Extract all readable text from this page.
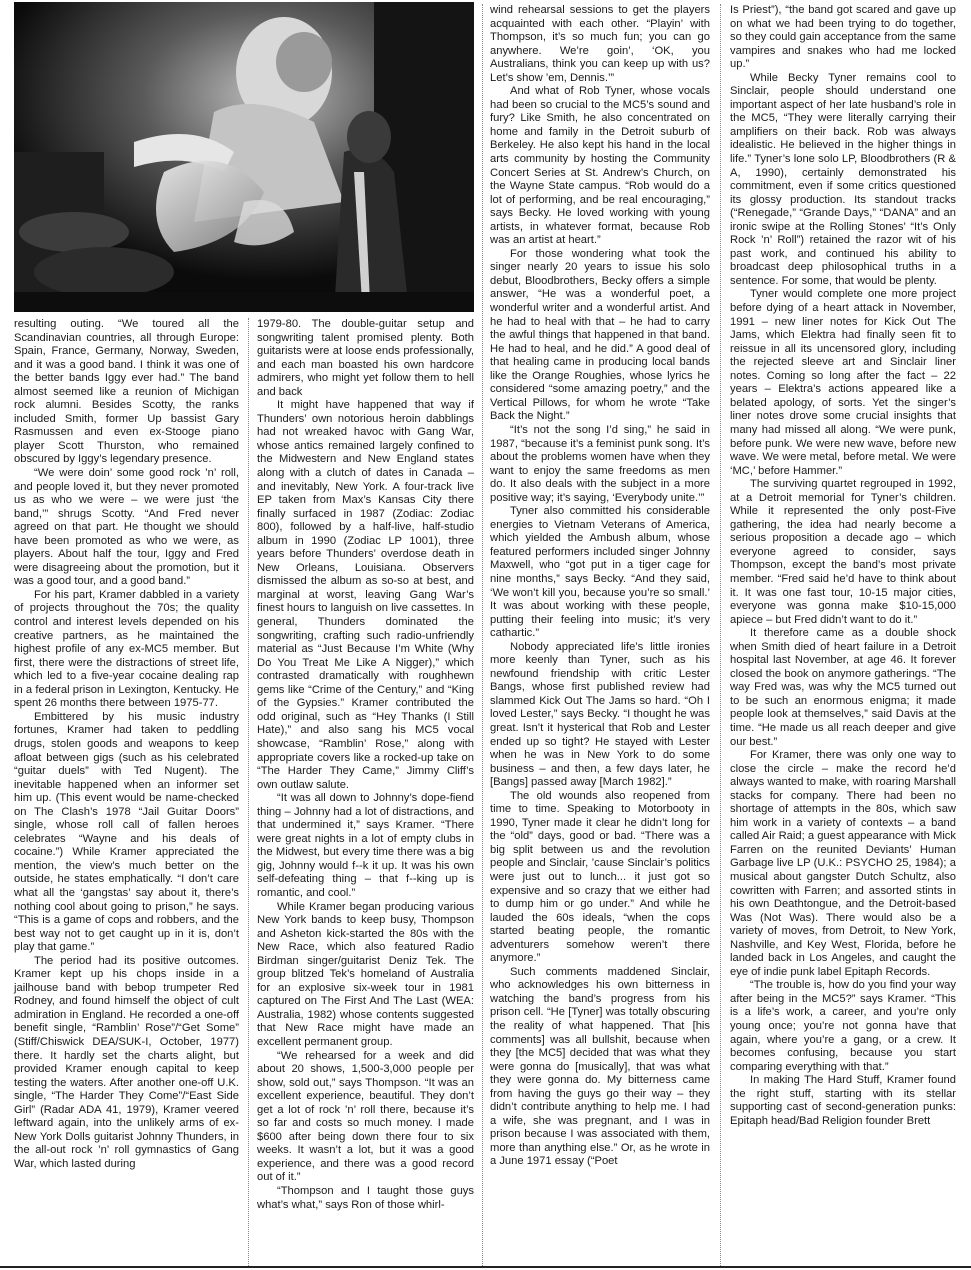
resulting outing. “We toured all the Scandinavian countries, all through Europe: Spain, France, Germany, Norway, Sweden, and it was a good band. I think it was one of the better bands Iggy ever had.” The band almost seemed like a reunion of Michigan rock alumni. Besides Scotty, the ranks included Smith, former Up bassist Gary Rasmussen and even ex-Stooge piano player Scott Thurston, who remained obscured by Iggy’s legendary presence.

“We were doin’ some good rock ’n’ roll, and people loved it, but they never promoted us as who we were – we were just ‘the band,’” shrugs Scotty. “And Fred never agreed on that part. He thought we should have been promoted as who we were, as players. About half the tour, Iggy and Fred were disagreeing about the promotion, but it was a good tour, and a good band.”

For his part, Kramer dabbled in a variety of projects throughout the 70s; the quality control and interest levels depended on his creative partners, as he maintained the highest profile of any ex-MC5 member. But first, there were the distractions of street life, which led to a five-year cocaine dealing rap in a federal prison in Lexington, Kentucky. He spent 26 months there between 1975-77.

Embittered by his music industry fortunes, Kramer had taken to peddling drugs, stolen goods and weapons to keep afloat between gigs (such as his celebrated “guitar duels” with Ted Nugent). The inevitable happened when an informer set him up. (This event would be name-checked on The Clash’s 1978 “Jail Guitar Doors” single, whose roll call of fallen heroes celebrates “Wayne and his deals of cocaine.”) While Kramer appreciated the mention, the view’s much better on the outside, he states emphatically. “I don’t care what all the ‘gangstas’ say about it, there’s nothing cool about going to prison,” he says. “This is a game of cops and robbers, and the best way not to get caught up in it is, don’t play that game.”

The period had its positive outcomes. Kramer kept up his chops inside in a jailhouse band with bebop trumpeter Red Rodney, and found himself the object of cult admiration in England. He recorded a one-off benefit single, “Ramblin’ Rose”/“Get Some” (Stiff/Chiswick DEA/SUK-I, October, 1977) there. It hardly set the charts alight, but provided Kramer enough capital to keep testing the waters. After another one-off U.K. single, “The Harder They Come”/“East Side Girl” (Radar ADA 41, 1979), Kramer veered leftward again, into the unlikely arms of ex-New York Dolls guitarist Johnny Thunders, in the all-out rock ’n’ roll gymnastics of Gang War, which lasted during

1979-80. The double-guitar setup and songwriting talent promised plenty. Both guitarists were at loose ends professionally, and each man boasted his own hardcore admirers, who might yet follow them to hell and back

It might have happened that way if Thunders’ own notorious heroin dabblings had not wreaked havoc with Gang War, whose antics remained largely confined to the Midwestern and New England states along with a clutch of dates in Canada – and inevitably, New York. A four-track live EP taken from Max’s Kansas City there finally surfaced in 1987 (Zodiac: Zodiac 800), followed by a half-live, half-studio album in 1990 (Zodiac LP 1001), three years before Thunders’ overdose death in New Orleans, Louisiana. Observers dismissed the album as so-so at best, and marginal at worst, leaving Gang War’s finest hours to languish on live cassettes. In general, Thunders dominated the songwriting, crafting such radio-unfriendly material as “Just Because I’m White (Why Do You Treat Me Like A Nigger),” which contrasted dramatically with roughhewn gems like “Crime of the Century,” and “King of the Gypsies.” Kramer contributed the odd original, such as “Hey Thanks (I Still Hate),” and also sang his MC5 vocal showcase, “Ramblin’ Rose,” along with appropriate covers like a rocked-up take on “The Harder They Came,” Jimmy Cliff’s own outlaw salute.

“It was all down to Johnny’s dope-fiend thing – Johnny had a lot of distractions, and that undermined it,” says Kramer. “There were great nights in a lot of empty clubs in the Midwest, but every time there was a big gig, Johnny would f--k it up. It was his own self-defeating thing – that f--king up is romantic, and cool.”

While Kramer began producing various New York bands to keep busy, Thompson and Asheton kick-started the 80s with the New Race, which also featured Radio Birdman singer/guitarist Deniz Tek. The group blitzed Tek’s homeland of Australia for an explosive six-week tour in 1981 captured on The First And The Last (WEA: Australia, 1982) whose contents suggested that New Race might have made an excellent permanent group.

“We rehearsed for a week and did about 20 shows, 1,500-3,000 people per show, sold out,” says Thompson. “It was an excellent experience, beautiful. They don’t get a lot of rock ’n’ roll there, because it’s so far and costs so much money. I made $600 after being down there four to six weeks. It wasn’t a lot, but it was a good experience, and there was a good record out of it.”

“Thompson and I taught those guys what’s what,” says Ron of those whirl-

wind rehearsal sessions to get the players acquainted with each other. “Playin’ with Thompson, it’s so much fun; you can go anywhere. We’re goin’, ‘OK, you Australians, think you can keep up with us? Let’s show ’em, Dennis.’”

And what of Rob Tyner, whose vocals had been so crucial to the MC5’s sound and fury? Like Smith, he also concentrated on home and family in the Detroit suburb of Berkeley. He also kept his hand in the local arts community by hosting the Community Concert Series at St. Andrew’s Church, on the Wayne State campus. “Rob would do a lot of performing, and be real encouraging,” says Becky. He loved working with young artists, in whatever format, because Rob was an artist at heart.”

For those wondering what took the singer nearly 20 years to issue his solo debut, Bloodbrothers, Becky offers a simple answer, “He was a wonderful poet, a wonderful writer and a wonderful artist. And he had to heal with that – he had to carry the awful things that happened in that band. He had to heal, and he did.” A good deal of that healing came in producing local bands like the Orange Roughies, whose lyrics he considered “some amazing poetry,” and the Vertical Pillows, for whom he wrote “Take Back the Night.”

“It’s not the song I’d sing,” he said in 1987, “because it’s a feminist punk song. It’s about the problems women have when they want to enjoy the same freedoms as men do. It also deals with the subject in a more positive way; it’s saying, ‘Everybody unite.’”

Tyner also committed his considerable energies to Vietnam Veterans of America, which yielded the Ambush album, whose featured performers included singer Johnny Maxwell, who “got put in a tiger cage for nine months,” says Becky. “And they said, ‘We won’t kill you, because you’re so small.’ It was about working with these people, putting their feeling into music; it’s very cathartic.”

Nobody appreciated life’s little ironies more keenly than Tyner, such as his newfound friendship with critic Lester Bangs, whose first published review had slammed Kick Out The Jams so hard. “Oh I loved Lester,” says Becky. “I thought he was great. Isn’t it hysterical that Rob and Lester ended up so tight? He stayed with Lester when he was in New York to do some business – and then, a few days later, he [Bangs] passed away [March 1982].”

The old wounds also reopened from time to time. Speaking to Motorbooty in 1990, Tyner made it clear he didn’t long for the “old” days, good or bad. “There was a big split between us and the revolution people and Sinclair, ’cause Sinclair’s politics were just out to lunch... it just got so expensive and so crazy that we either had to dump him or go under.” And while he lauded the 60s ideals, “when the cops started beating people, the romantic adventurers somehow weren’t there anymore.”

Such comments maddened Sinclair, who acknowledges his own bitterness in watching the band’s progress from his prison cell. “He [Tyner] was totally obscuring the reality of what happened. That [his comments] was all bullshit, because when they [the MC5] decided that was what they were gonna do [musically], that was what they were gonna do. My bitterness came from having the guys go their way – they didn’t contribute anything to help me. I had a wife, she was pregnant, and I was in prison because I was associated with them, more than anything else.” Or, as he wrote in a June 1971 essay (“Poet

Is Priest”), “the band got scared and gave up on what we had been trying to do together, so they could gain acceptance from the same vampires and snakes who had me locked up.”

While Becky Tyner remains cool to Sinclair, people should understand one important aspect of her late husband’s role in the MC5, “They were literally carrying their amplifiers on their back. Rob was always idealistic. He believed in the higher things in life.” Tyner’s lone solo LP, Bloodbrothers (R & A, 1990), certainly demonstrated his commitment, even if some critics questioned its glossy production. Its standout tracks (“Renegade,” “Grande Days,” “DANA” and an ironic swipe at the Rolling Stones’ “It’s Only Rock ’n’ Roll”) retained the razor wit of his past work, and continued his ability to broadcast deep philosophical truths in a sentence. For some, that would be plenty.

Tyner would complete one more project before dying of a heart attack in November, 1991 – new liner notes for Kick Out The Jams, which Elektra had finally seen fit to reissue in all its uncensored glory, including the rejected sleeve art and Sinclair liner notes. Coming so long after the fact – 22 years – Elektra’s actions appeared like a belated apology, of sorts. Yet the singer’s liner notes drove some crucial insights that many had missed all along. “We were punk, before punk. We were new wave, before new wave. We were metal, before metal. We were ‘MC,’ before Hammer.”

The surviving quartet regrouped in 1992, at a Detroit memorial for Tyner’s children. While it represented the only post-Five gathering, the idea had nearly become a serious proposition a decade ago – which everyone agreed to consider, says Thompson, except the band’s most private member. “Fred said he’d have to think about it. It was one fast tour, 10-15 major cities, everyone was gonna make $10-15,000 apiece – but Fred didn’t want to do it.”

It therefore came as a double shock when Smith died of heart failure in a Detroit hospital last November, at age 46. It forever closed the book on anymore gatherings. “The way Fred was, was why the MC5 turned out to be such an enormous enigma; it made people look at themselves,” said Davis at the time. “He made us all reach deeper and give our best.”

For Kramer, there was only one way to close the circle – make the record he’d always wanted to make, with roaring Marshall stacks for company. There had been no shortage of attempts in the 80s, which saw him work in a variety of contexts – a band called Air Raid; a guest appearance with Mick Farren on the reunited Deviants’ Human Garbage live LP (U.K.: PSYCHO 25, 1984); a musical about gangster Dutch Schultz, also cowritten with Farren; and assorted stints in his own Deathtongue, and the Detroit-based Was (Not Was). There would also be a variety of moves, from Detroit, to New York, Nashville, and Key West, Florida, before he landed back in Los Angeles, and caught the eye of indie punk label Epitaph Records.

“The trouble is, how do you find your way after being in the MC5?” says Kramer. “This is a life’s work, a career, and you’re only young once; you’re not gonna have that again, where you’re a gang, or a crew. It becomes confusing, because you start comparing everything with that.”

In making The Hard Stuff, Kramer found the right stuff, starting with its stellar supporting cast of second-generation punks: Epitaph head/Bad Religion founder Brett
